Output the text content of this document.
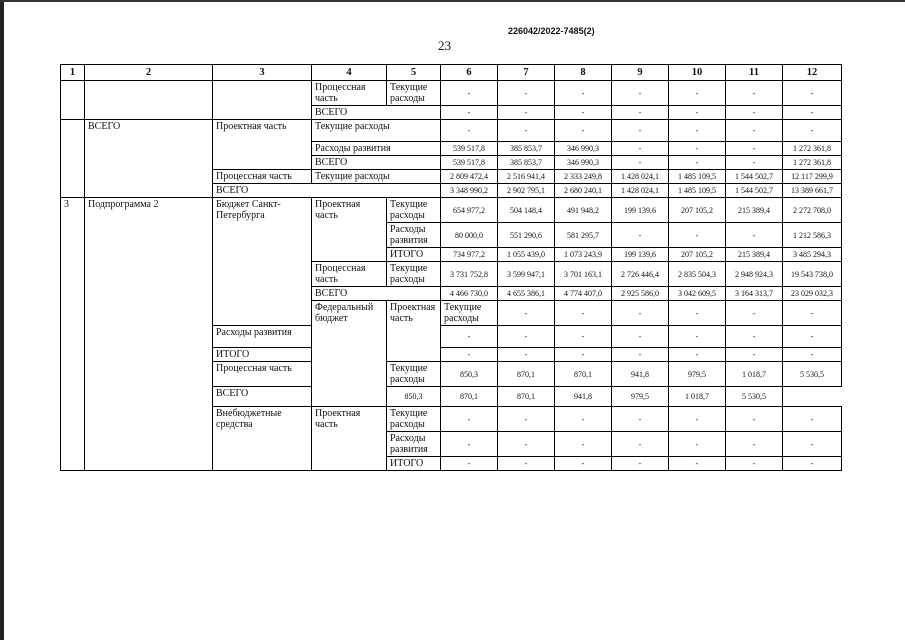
226042/2022-7485(2)
23
1	2	3	4	5	6	7	8	9	10	11	12	
			Процессная часть	Текущие расходы	-	-	-	-	-	-	-	
			ВСЕГО		-	-	-	-	-	-	-	
	ВСЕГО	Проектная часть	Текущие расходы		-	-	-	-	-	-	-	
			Расходы развития		539 517,8	385 853,7	346 990,3	-	-	-	1 272 361,8	
			ВСЕГО		539 517,8	385 853,7	346 990,3	-	-	-	1 272 361,8	
		Процессная часть	Текущие расходы		2 809 472,4	2 516 941,4	2 333 249,8	1 428 024,1	1 485 109,5	1 544 502,7	12 117 299,9	
		ВСЕГО			3 348 990,2	2 902 795,1	2 680 240,1	1 428 024,1	1 485 109,5	1 544 502,7	13 389 661,7	
3	Подпрограмма 2	Бюджет Санкт-Петербурга	Проектная часть	Текущие расходы	654 977,2	504 148,4	491 948,2	199 139,6	207 105,2	215 389,4	2 272 708,0	
				Расходы развития	80 000,0	551 290,6	581 295,7	-	-	-	1 212 586,3	
				ИТОГО	734 977,2	1 055 439,0	1 073 243,9	199 139,6	207 105,2	215 389,4	3 485 294,3	
			Процессная часть	Текущие расходы	3 731 752,8	3 599 947,1	3 701 163,1	2 726 446,4	2 835 504,3	2 948 924,3	19 543 738,0	
			ВСЕГО		4 466 730,0	4 655 386,1	4 774 407,0	2 925 586,0	3 042 609,5	3 164 313,7	23 029 032,3	
			Федеральный бюджет	Проектная часть	Текущие расходы	-	-	-	-	-	-	
		Расходы развития			-	-	-	-	-	-	-	
		ИТОГО			-	-	-	-	-	-	-	
		Процессная часть		Текущие расходы	850,3	870,1	870,1	941,8	979,5	1 018,7	5 530,5	
		ВСЕГО		850,3	870,1	870,1	941,8	979,5	1 018,7	5 530,5		
		Внебюджетные средства	Проектная часть	Текущие расходы	-	-	-	-	-	-	-	
				Расходы развития	-	-	-	-	-	-	-	
				ИТОГО	-	-	-	-	-	-	-	
